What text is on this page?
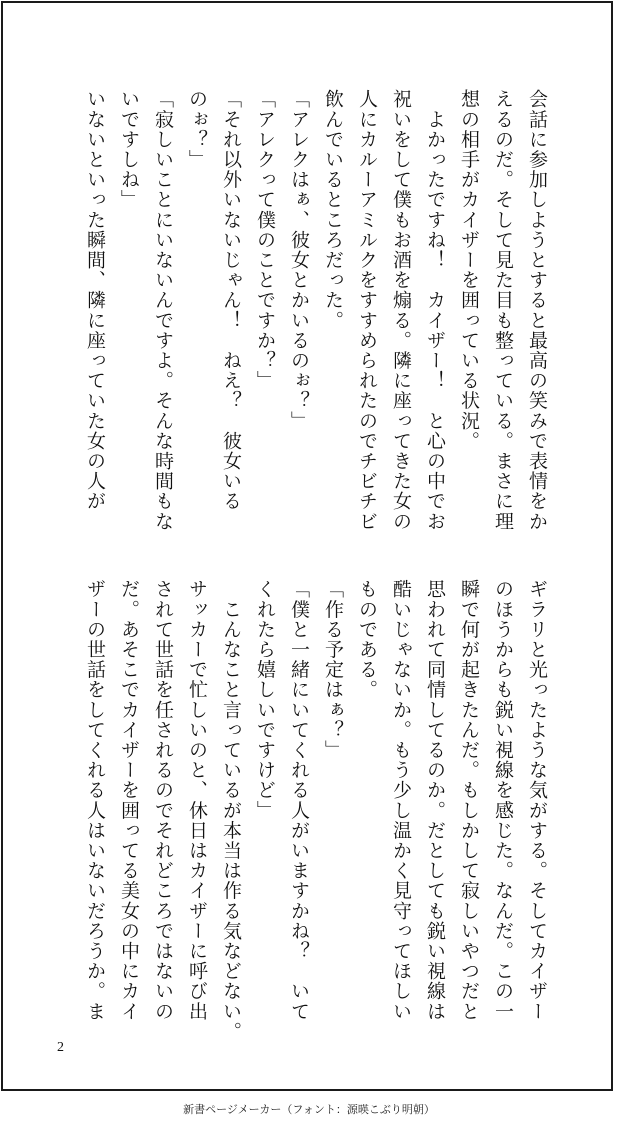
会話に参加しようとすると最高の笑みで表情をか

えるのだ。そして見た目も整っている。まさに理

想の相手がカイザーを囲っている状況。

　よかったですね！　カイザー！　と心の中でお

祝いをして僕もお酒を煽る。隣に座ってきた女の

人にカルーアミルクをすすめられたのでチビチビ

飲んでいるところだった。

「アレクはぁ、彼女とかいるのぉ？」

「アレクって僕のことですか？」

「それ以外いないじゃん！　ねえ？　彼女いる

のぉ？」

「寂しいことにいないんですよ。そんな時間もな

いですしね」

いないといった瞬間、隣に座っていた女の人が

ギラリと光ったような気がする。そしてカイザー

のほうからも鋭い視線を感じた。なんだ。この一

瞬で何が起きたんだ。もしかして寂しいやつだと

思われて同情してるのか。だとしても鋭い視線は

酷いじゃないか。もう少し温かく見守ってほしい

ものである。

「作る予定はぁ？」

「僕と一緒にいてくれる人がいますかね？　いて

くれたら嬉しいですけど」

　こんなこと言っているが本当は作る気などない。

サッカーで忙しいのと、休日はカイザーに呼び出

されて世話を任されるのでそれどころではないの

だ。あそこでカイザーを囲ってる美女の中にカイ

ザーの世話をしてくれる人はいないだろうか。ま

2
新書ページメーカー（フォント：源暎こぶり明朝）
